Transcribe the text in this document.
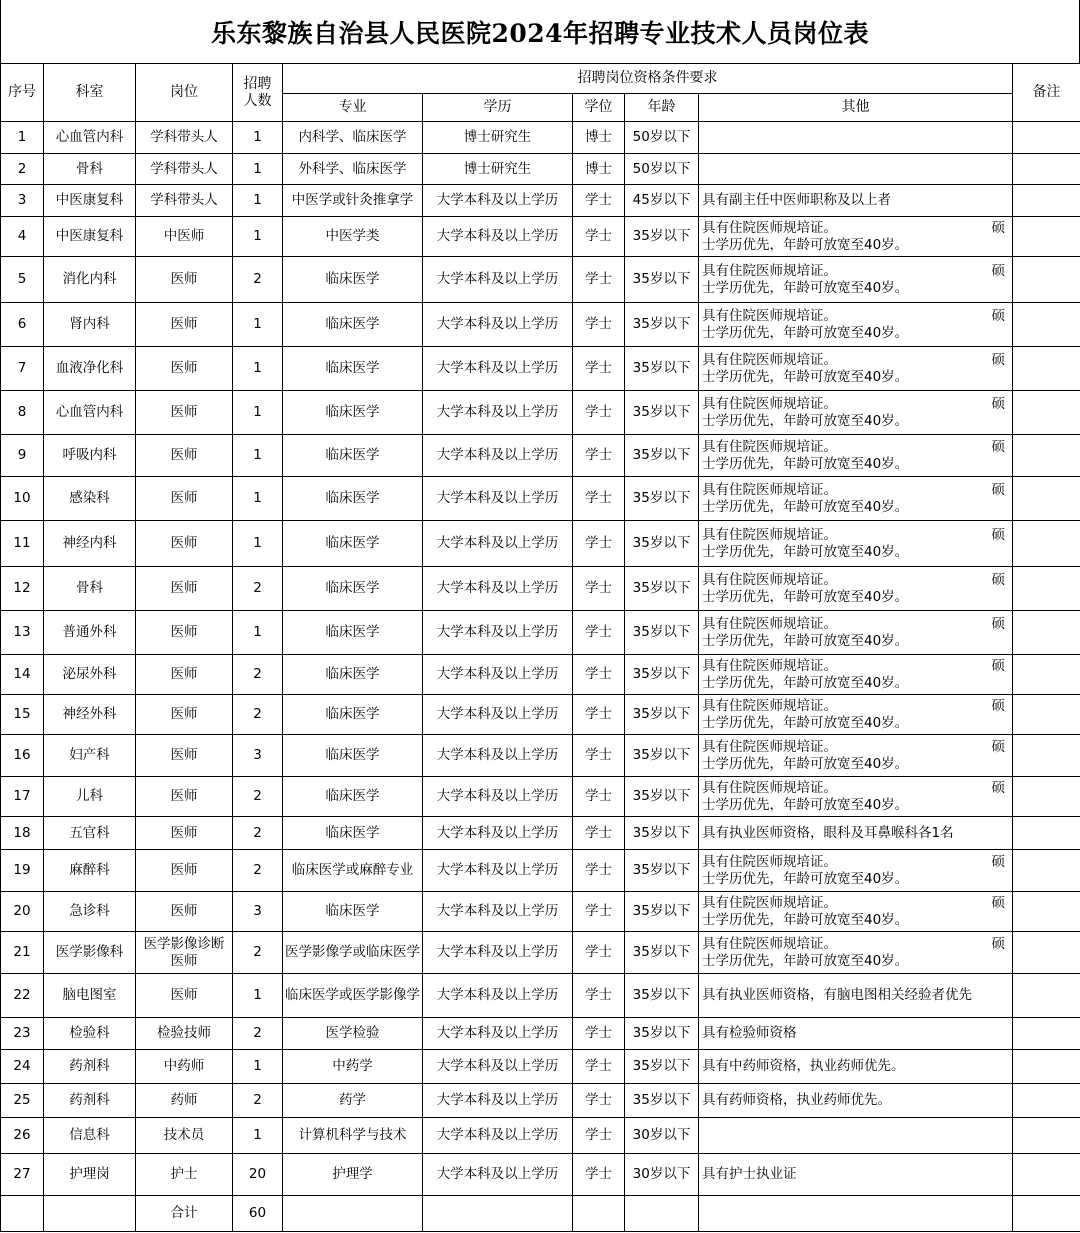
乐东黎族自治县人民医院2024年招聘专业技术人员岗位表
序号	科室	岗位	招聘人数	招聘岗位资格条件要求					备注
				专业	学历	学位	年龄	其他	
1	心血管内科	学科带头人	1	内科学、临床医学	博士研究生	博士	50岁以下		
2	骨科	学科带头人	1	外科学、临床医学	博士研究生	博士	50岁以下		
3	中医康复科	学科带头人	1	中医学或针灸推拿学	大学本科及以上学历	学士	45岁以下	具有副主任中医师职称及以上者	
4	中医康复科	中医师	1	中医学类	大学本科及以上学历	学士	35岁以下	具有住院医师规培证。 硕
士学历优先，年龄可放宽至40岁。	

5	消化内科	医师	2	临床医学	大学本科及以上学历	学士	35岁以下	具有住院医师规培证。 硕
士学历优先，年龄可放宽至40岁。	

6	肾内科	医师	1	临床医学	大学本科及以上学历	学士	35岁以下	具有住院医师规培证。 硕
士学历优先，年龄可放宽至40岁。	

7	血液净化科	医师	1	临床医学	大学本科及以上学历	学士	35岁以下	具有住院医师规培证。 硕
士学历优先，年龄可放宽至40岁。	

8	心血管内科	医师	1	临床医学	大学本科及以上学历	学士	35岁以下	具有住院医师规培证。 硕
士学历优先，年龄可放宽至40岁。	

9	呼吸内科	医师	1	临床医学	大学本科及以上学历	学士	35岁以下	具有住院医师规培证。 硕
士学历优先，年龄可放宽至40岁。	

10	感染科	医师	1	临床医学	大学本科及以上学历	学士	35岁以下	具有住院医师规培证。 硕
士学历优先，年龄可放宽至40岁。	

11	神经内科	医师	1	临床医学	大学本科及以上学历	学士	35岁以下	具有住院医师规培证。 硕
士学历优先，年龄可放宽至40岁。	

12	骨科	医师	2	临床医学	大学本科及以上学历	学士	35岁以下	具有住院医师规培证。 硕
士学历优先，年龄可放宽至40岁。	

13	普通外科	医师	1	临床医学	大学本科及以上学历	学士	35岁以下	具有住院医师规培证。 硕
士学历优先，年龄可放宽至40岁。	

14	泌尿外科	医师	2	临床医学	大学本科及以上学历	学士	35岁以下	具有住院医师规培证。 硕
士学历优先，年龄可放宽至40岁。	

15	神经外科	医师	2	临床医学	大学本科及以上学历	学士	35岁以下	具有住院医师规培证。 硕
士学历优先，年龄可放宽至40岁。	

16	妇产科	医师	3	临床医学	大学本科及以上学历	学士	35岁以下	具有住院医师规培证。 硕
士学历优先，年龄可放宽至40岁。	

17	儿科	医师	2	临床医学	大学本科及以上学历	学士	35岁以下	具有住院医师规培证。 硕
士学历优先，年龄可放宽至40岁。	

18	五官科	医师	2	临床医学	大学本科及以上学历	学士	35岁以下	具有执业医师资格，眼科及耳鼻喉科各1名	
19	麻醉科	医师	2	临床医学或麻醉专业	大学本科及以上学历	学士	35岁以下	具有住院医师规培证。 硕
士学历优先，年龄可放宽至40岁。	

20	急诊科	医师	3	临床医学	大学本科及以上学历	学士	35岁以下	具有住院医师规培证。 硕
士学历优先，年龄可放宽至40岁。	

21	医学影像科	医学影像诊断医师	2	医学影像学或临床医学	大学本科及以上学历	学士	35岁以下	具有住院医师规培证。 硕
士学历优先，年龄可放宽至40岁。	

22	脑电图室	医师	1	临床医学或医学影像学	大学本科及以上学历	学士	35岁以下	具有执业医师资格，有脑电图相关经验者优先	
23	检验科	检验技师	2	医学检验	大学本科及以上学历	学士	35岁以下	具有检验师资格	
24	药剂科	中药师	1	中药学	大学本科及以上学历	学士	35岁以下	具有中药师资格，执业药师优先。	
25	药剂科	药师	2	药学	大学本科及以上学历	学士	35岁以下	具有药师资格，执业药师优先。	
26	信息科	技术员	1	计算机科学与技术	大学本科及以上学历	学士	30岁以下		
27	护理岗	护士	20	护理学	大学本科及以上学历	学士	30岁以下	具有护士执业证	
		合计	60						
